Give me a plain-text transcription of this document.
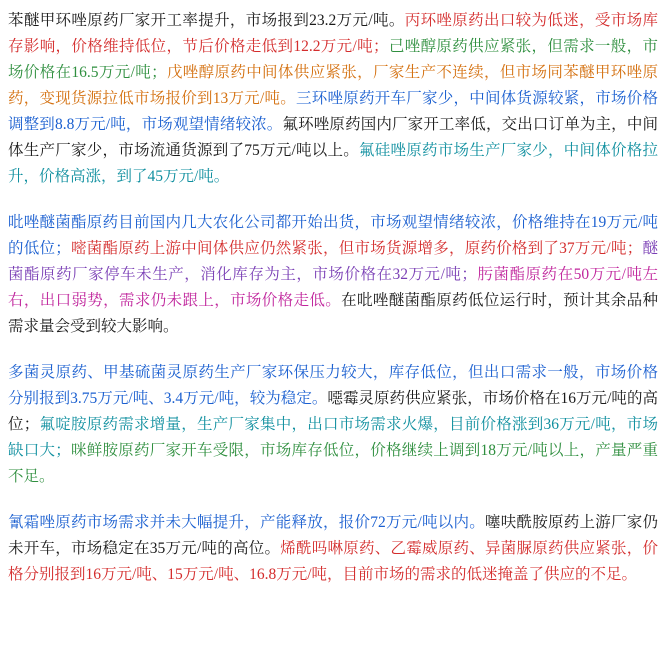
苯醚甲环唑原药厂家开工率提升，市场报到23.2万元/吨。丙环唑原药出口较为低迷，受市场库存影响，价格维持低位，节后价格走低到12.2万元/吨；己唑醇原药供应紧张，但需求一般，市场价格在16.5万元/吨；戊唑醇原药中间体供应紧张，厂家生产不连续，但市场同苯醚甲环唑原药，变现货源拉低市场报价到13万元/吨。三环唑原药开车厂家少，中间体货源较紧，市场价格调整到8.8万元/吨，市场观望情绪较浓。氟环唑原药国内厂家开工率低，交出口订单为主，中间体生产厂家少，市场流通货源到了75万元/吨以上。氟硅唑原药市场生产厂家少，中间体价格拉升，价格高涨，到了45万元/吨。

吡唑醚菌酯原药目前国内几大农化公司都开始出货，市场观望情绪较浓，价格维持在19万元/吨的低位；嘧菌酯原药上游中间体供应仍然紧张，但市场货源增多，原药价格到了37万元/吨；醚菌酯原药厂家停车未生产，消化库存为主，市场价格在32万元/吨；肟菌酯原药在50万元/吨左右，出口弱势，需求仍未跟上，市场价格走低。在吡唑醚菌酯原药低位运行时，预计其余品种需求量会受到较大影响。

多菌灵原药、甲基硫菌灵原药生产厂家环保压力较大，库存低位，但出口需求一般，市场价格分别报到3.75万元/吨、3.4万元/吨，较为稳定。噁霉灵原药供应紧张，市场价格在16万元/吨的高位；氟啶胺原药需求增量，生产厂家集中，出口市场需求火爆，目前价格涨到36万元/吨，市场缺口大；咪鲜胺原药厂家开车受限，市场库存低位，价格继续上调到18万元/吨以上，产量严重不足。

氰霜唑原药市场需求并未大幅提升，产能释放，报价72万元/吨以内。噻呋酰胺原药上游厂家仍未开车，市场稳定在35万元/吨的高位。烯酰吗啉原药、乙霉威原药、异菌脲原药供应紧张，价格分别报到16万元/吨、15万元/吨、16.8万元/吨，目前市场的需求的低迷掩盖了供应的不足。
